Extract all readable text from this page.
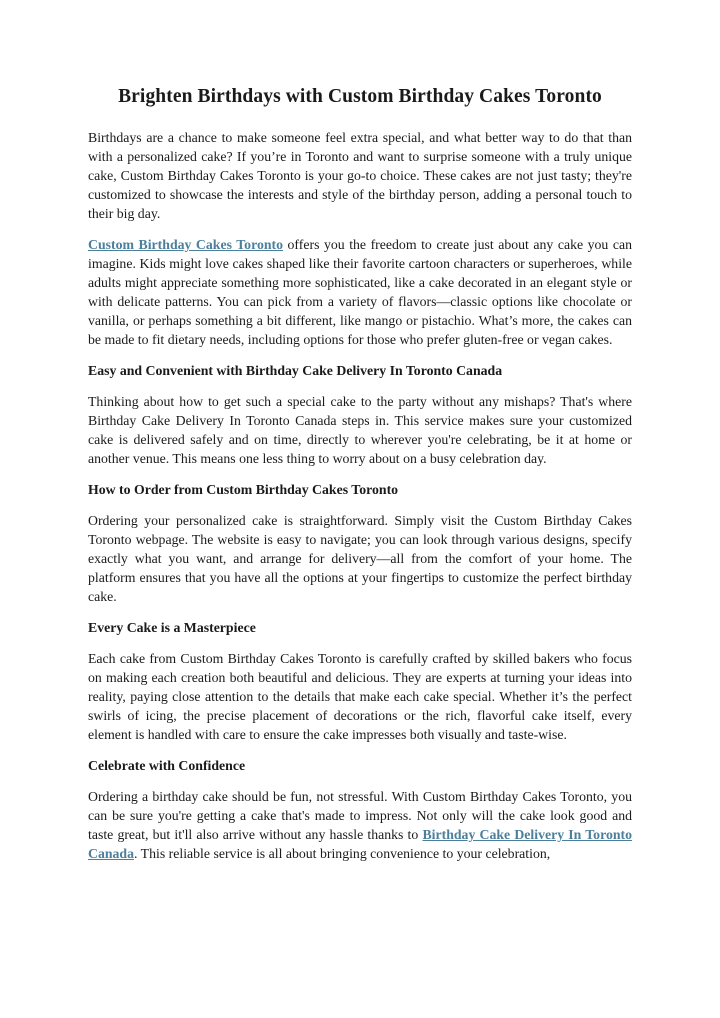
Brighten Birthdays with Custom Birthday Cakes Toronto

Birthdays are a chance to make someone feel extra special, and what better way to do that than with a personalized cake? If you’re in Toronto and want to surprise someone with a truly unique cake, Custom Birthday Cakes Toronto is your go-to choice. These cakes are not just tasty; they're customized to showcase the interests and style of the birthday person, adding a personal touch to their big day.

Custom Birthday Cakes Toronto offers you the freedom to create just about any cake you can imagine. Kids might love cakes shaped like their favorite cartoon characters or superheroes, while adults might appreciate something more sophisticated, like a cake decorated in an elegant style or with delicate patterns. You can pick from a variety of flavors—classic options like chocolate or vanilla, or perhaps something a bit different, like mango or pistachio. What’s more, the cakes can be made to fit dietary needs, including options for those who prefer gluten-free or vegan cakes.

Easy and Convenient with Birthday Cake Delivery In Toronto Canada

Thinking about how to get such a special cake to the party without any mishaps? That's where Birthday Cake Delivery In Toronto Canada steps in. This service makes sure your customized cake is delivered safely and on time, directly to wherever you're celebrating, be it at home or another venue. This means one less thing to worry about on a busy celebration day.

How to Order from Custom Birthday Cakes Toronto

Ordering your personalized cake is straightforward. Simply visit the Custom Birthday Cakes Toronto webpage. The website is easy to navigate; you can look through various designs, specify exactly what you want, and arrange for delivery—all from the comfort of your home. The platform ensures that you have all the options at your fingertips to customize the perfect birthday cake.

Every Cake is a Masterpiece

Each cake from Custom Birthday Cakes Toronto is carefully crafted by skilled bakers who focus on making each creation both beautiful and delicious. They are experts at turning your ideas into reality, paying close attention to the details that make each cake special. Whether it’s the perfect swirls of icing, the precise placement of decorations or the rich, flavorful cake itself, every element is handled with care to ensure the cake impresses both visually and taste-wise.

Celebrate with Confidence

Ordering a birthday cake should be fun, not stressful. With Custom Birthday Cakes Toronto, you can be sure you're getting a cake that's made to impress. Not only will the cake look good and taste great, but it'll also arrive without any hassle thanks to Birthday Cake Delivery In Toronto Canada. This reliable service is all about bringing convenience to your celebration,
